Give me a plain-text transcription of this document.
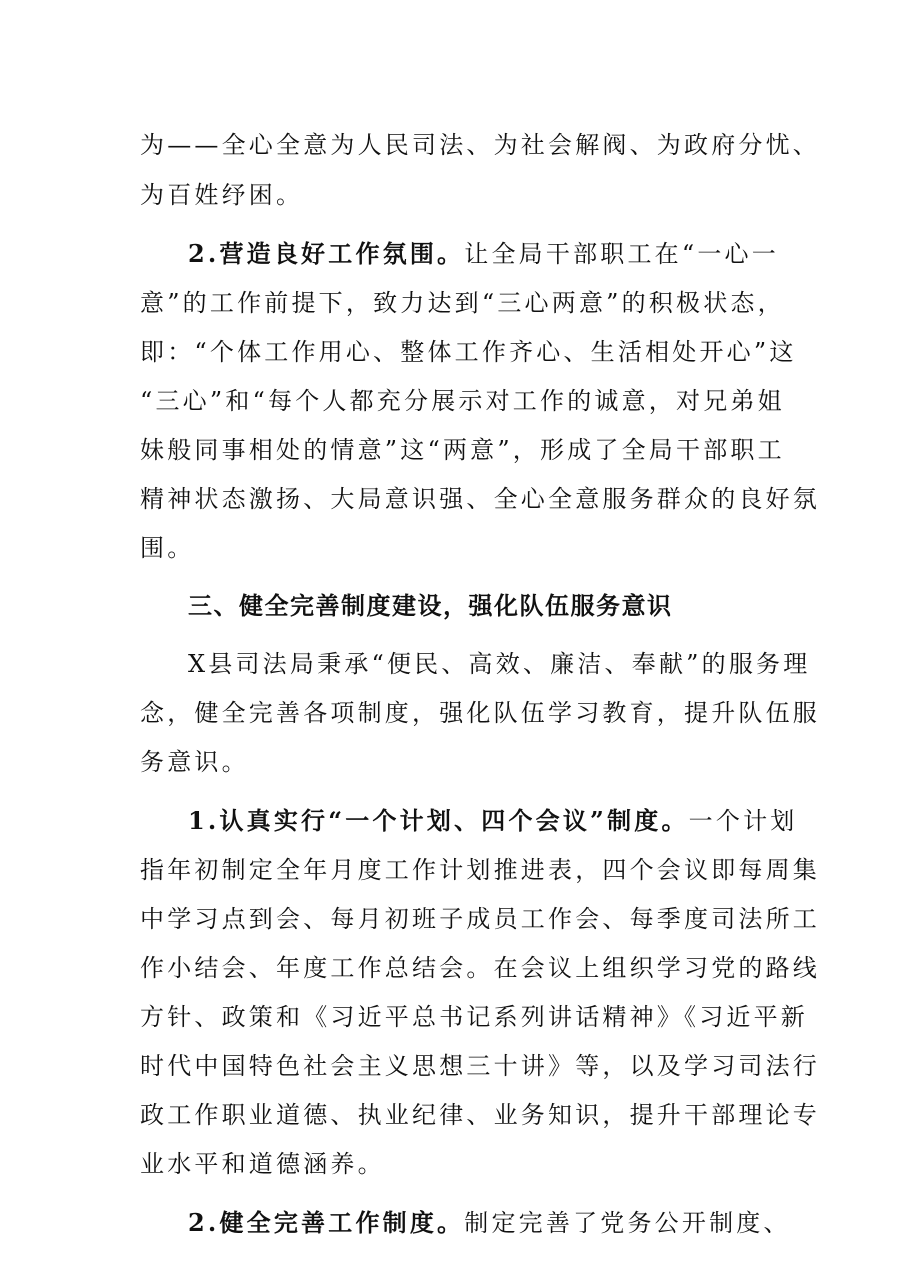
为——全心全意为人民司法、为社会解阀、为政府分忧、
为百姓纾困。
2.营造良好工作氛围。让全局干部职工在“一心一
意”的工作前提下，致力达到“三心两意”的积极状态，
即：“个体工作用心、整体工作齐心、生活相处开心”这
“三心”和“每个人都充分展示对工作的诚意，对兄弟姐
妹般同事相处的情意”这“两意”，形成了全局干部职工
精神状态激扬、大局意识强、全心全意服务群众的良好氛
围。
三、健全完善制度建设，强化队伍服务意识
X县司法局秉承“便民、高效、廉洁、奉献”的服务理
念，健全完善各项制度，强化队伍学习教育，提升队伍服
务意识。
1.认真实行“一个计划、四个会议”制度。一个计划
指年初制定全年月度工作计划推进表，四个会议即每周集
中学习点到会、每月初班子成员工作会、每季度司法所工
作小结会、年度工作总结会。在会议上组织学习党的路线
方针、政策和《习近平总书记系列讲话精神》《习近平新
时代中国特色社会主义思想三十讲》等，以及学习司法行
政工作职业道德、执业纪律、业务知识，提升干部理论专
业水平和道德涵养。
2.健全完善工作制度。制定完善了党务公开制度、
